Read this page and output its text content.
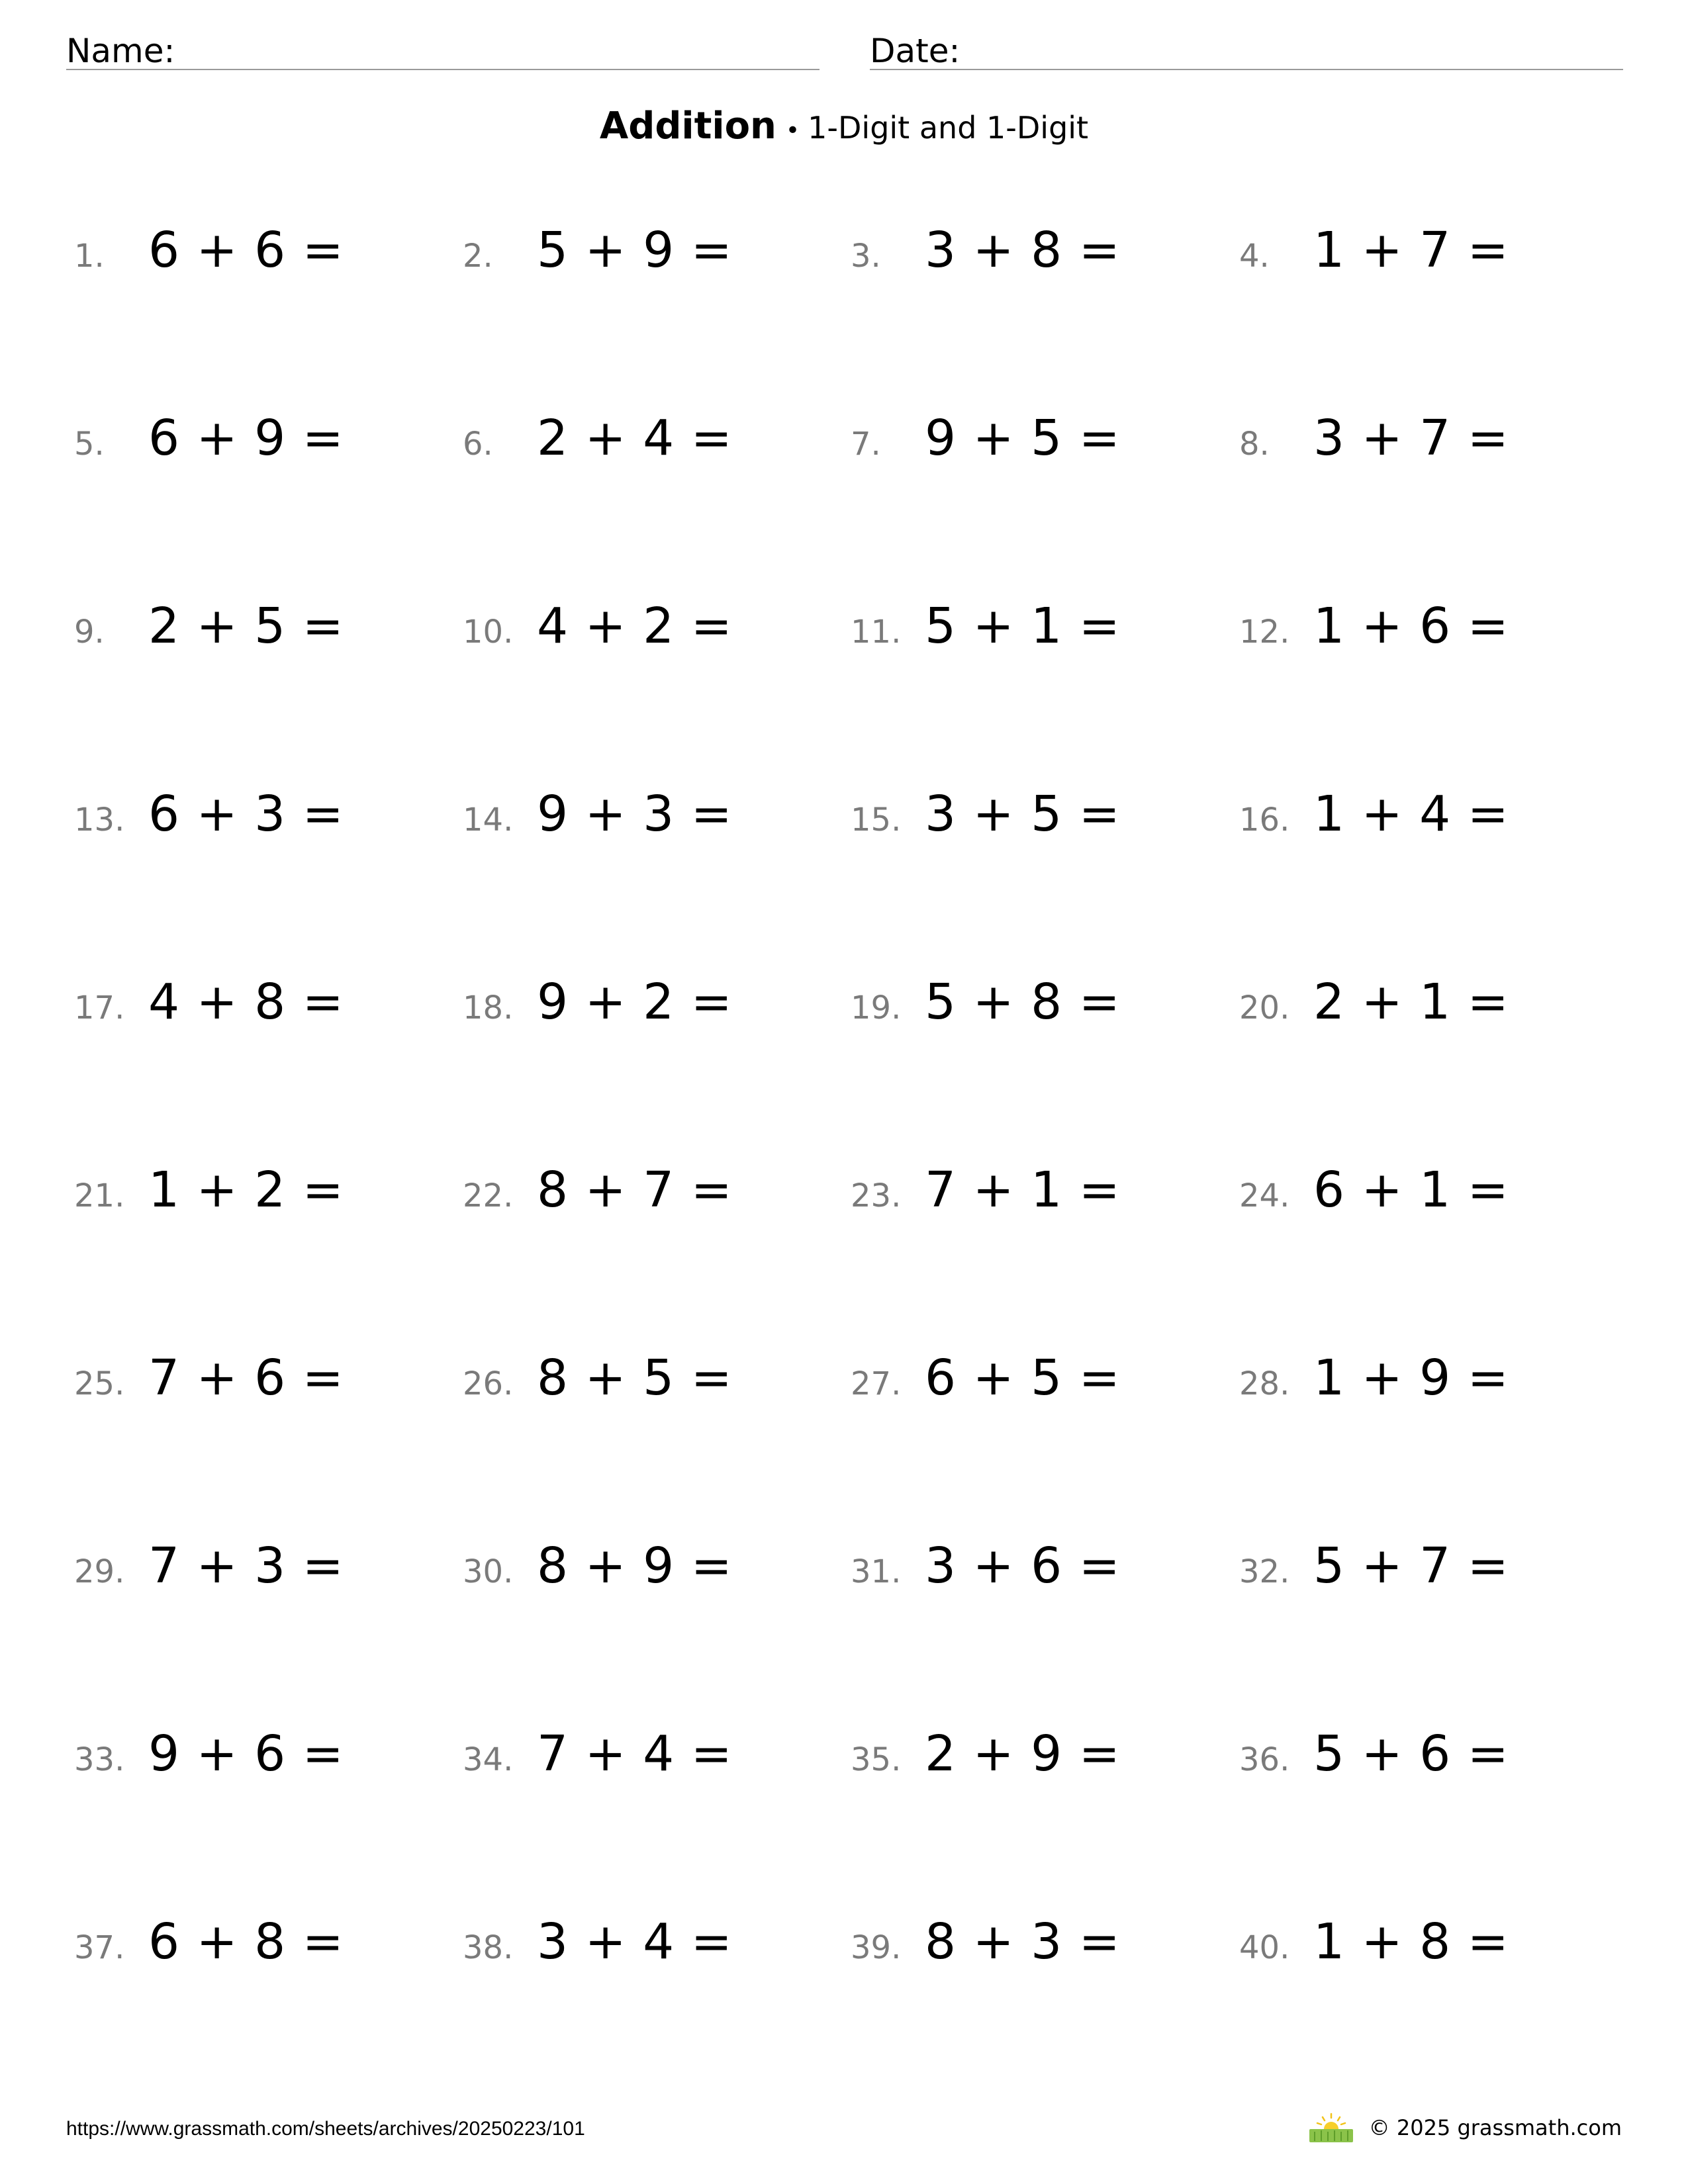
Name:	Date:
Addition • 1-Digit and 1-Digit
1. 6 + 6 =	2. 5 + 9 =	3. 3 + 8 =	4. 1 + 7 =
5. 6 + 9 =	6. 2 + 4 =	7. 9 + 5 =	8. 3 + 7 =
9. 2 + 5 =	10. 4 + 2 =	11. 5 + 1 =	12. 1 + 6 =
13. 6 + 3 =	14. 9 + 3 =	15. 3 + 5 =	16. 1 + 4 =
17. 4 + 8 =	18. 9 + 2 =	19. 5 + 8 =	20. 2 + 1 =
21. 1 + 2 =	22. 8 + 7 =	23. 7 + 1 =	24. 6 + 1 =
25. 7 + 6 =	26. 8 + 5 =	27. 6 + 5 =	28. 1 + 9 =
29. 7 + 3 =	30. 8 + 9 =	31. 3 + 6 =	32. 5 + 7 =
33. 9 + 6 =	34. 7 + 4 =	35. 2 + 9 =	36. 5 + 6 =
37. 6 + 8 =	38. 3 + 4 =	39. 8 + 3 =	40. 1 + 8 =
https://www.grassmath.com/sheets/archives/20250223/101	© 2025 grassmath.com
